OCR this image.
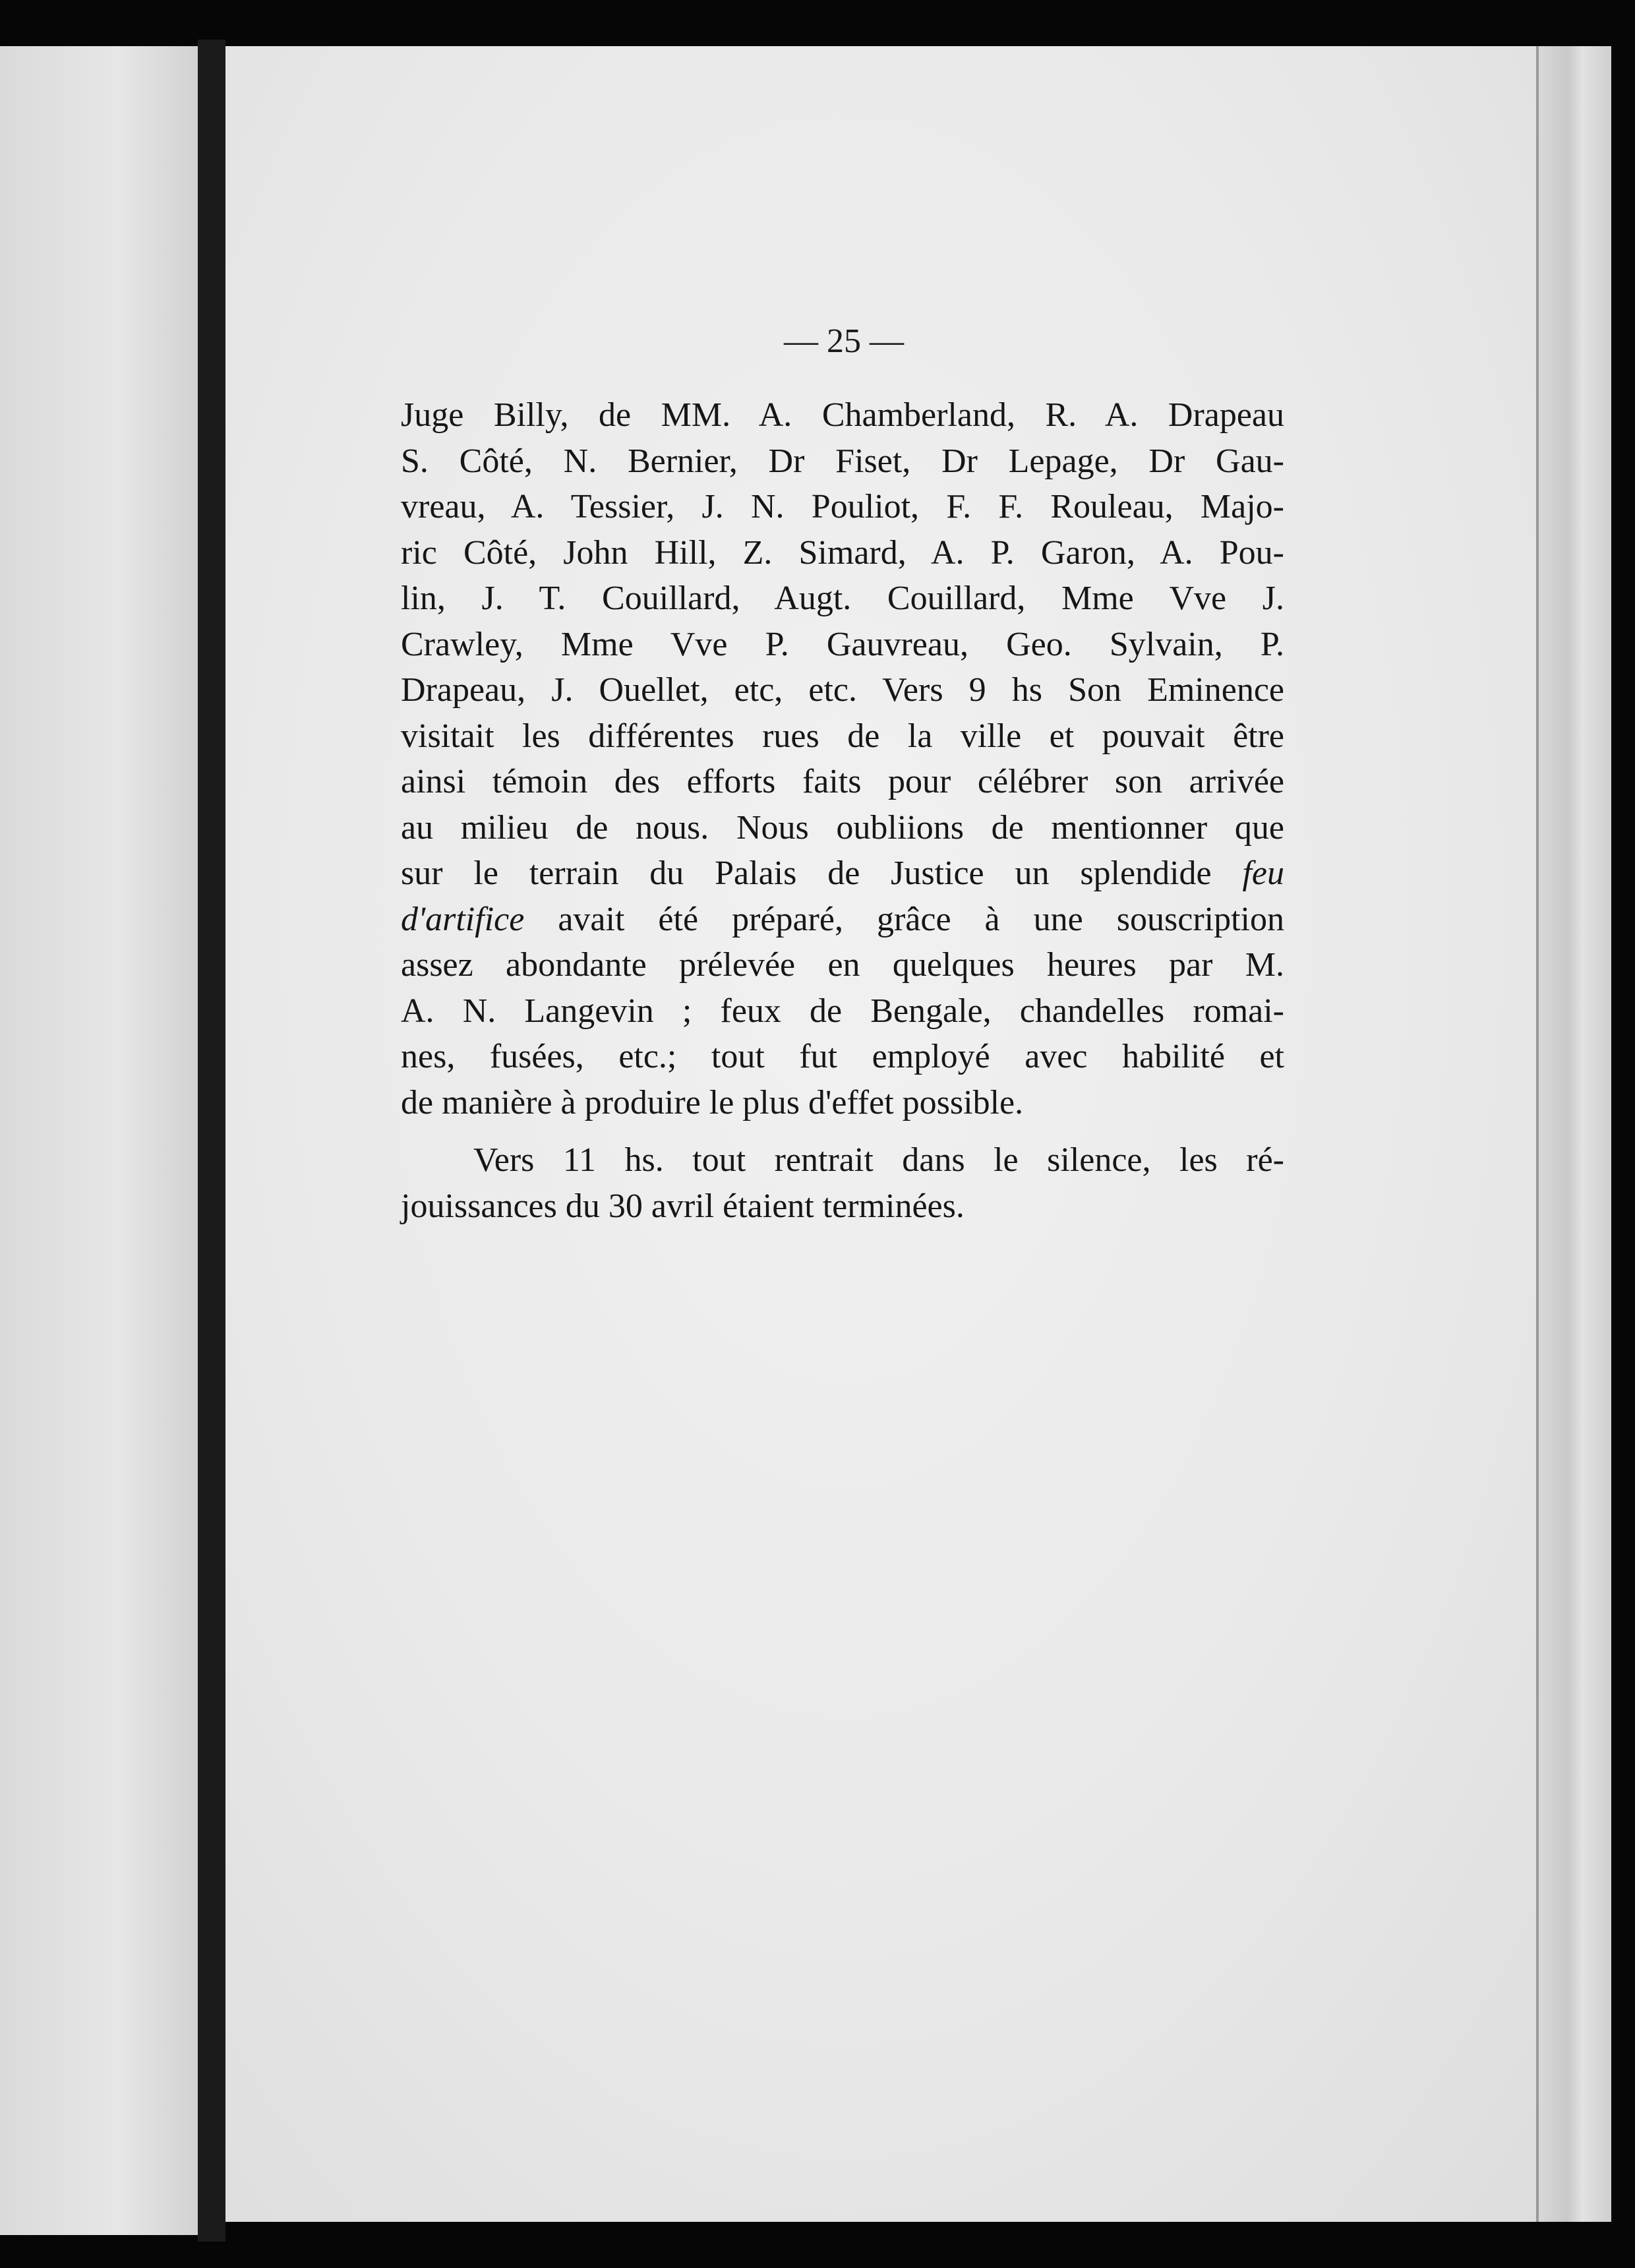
— 25 —
Juge Billy, de MM. A. Chamberland, R. A. Drapeau
S. Côté, N. Bernier, Dr Fiset, Dr Lepage, Dr Gau-
vreau, A. Tessier, J. N. Pouliot, F. F. Rouleau, Majo-
ric Côté, John Hill, Z. Simard, A. P. Garon, A. Pou-
lin, J. T. Couillard, Augt. Couillard, Mme Vve J.
Crawley, Mme Vve P. Gauvreau, Geo. Sylvain, P.
Drapeau, J. Ouellet, etc, etc. Vers 9 hs Son Eminence
visitait les différentes rues de la ville et pouvait être
ainsi témoin des efforts faits pour célébrer son arrivée
au milieu de nous. Nous oubliions de mentionner que
sur le terrain du Palais de Justice un splendide feu
d'artifice avait été préparé, grâce à une souscription
assez abondante prélevée en quelques heures par M.
A. N. Langevin ; feux de Bengale, chandelles romai-
nes, fusées, etc.; tout fut employé avec habilité et
de manière à produire le plus d'effet possible.
Vers 11 hs. tout rentrait dans le silence, les ré-
jouissances du 30 avril étaient terminées.
